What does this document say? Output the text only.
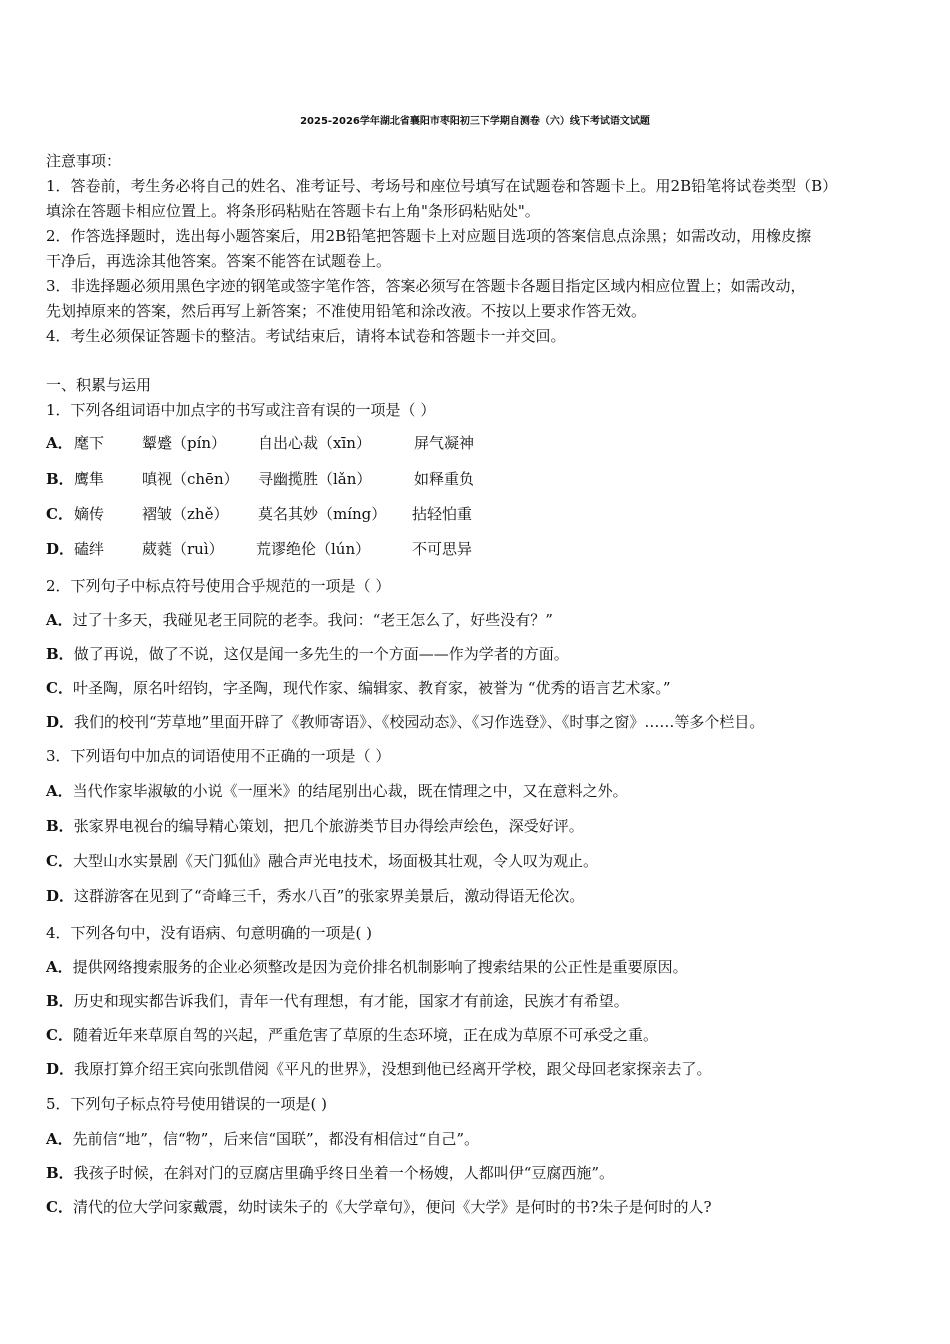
2025-2026学年湖北省襄阳市枣阳初三下学期自测卷（六）线下考试语文试题
注意事项：
1．答卷前，考生务必将自己的姓名、准考证号、考场号和座位号填写在试题卷和答题卡上。用2B铅笔将试卷类型（B）
填涂在答题卡相应位置上。将条形码粘贴在答题卡右上角"条形码粘贴处"。
2．作答选择题时，选出每小题答案后，用2B铅笔把答题卡上对应题目选项的答案信息点涂黑；如需改动，用橡皮擦
干净后，再选涂其他答案。答案不能答在试题卷上。
3．非选择题必须用黑色字迹的钢笔或签字笔作答，答案必须写在答题卡各题目指定区域内相应位置上；如需改动，
先划掉原来的答案，然后再写上新答案；不准使用铅笔和涂改液。不按以上要求作答无效。
4．考生必须保证答题卡的整洁。考试结束后，请将本试卷和答题卡一并交回。
一、积累与运用
1．下列各组词语中加点字的书写或注音有误的一项是（ ）
A． 麾下	颦蹙（pín） 自出心裁（xīn）	屏气凝神
B． 鹰隼	嗔视（chēn） 寻幽揽胜（lǎn）	如释重负
C． 嫡传	褶皱（zhě） 莫名其妙（míng） 拈轻怕重
D． 磕绊	葳蕤（ruì） 荒谬绝伦（lún）	不可思异
2．下列句子中标点符号使用合乎规范的一项是（ ）
A．过了十多天，我碰见老王同院的老李。我问：“老王怎么了，好些没有？”
B．做了再说，做了不说，这仅是闻一多先生的一个方面——作为学者的方面。
C．叶圣陶，原名叶绍钧，字圣陶，现代作家、编辑家、教育家，被誉为 “优秀的语言艺术家。”
D．我们的校刊“芳草地”里面开辟了《教师寄语》、《校园动态》、《习作选登》、《时事之窗》……等多个栏目。
3．下列语句中加点的词语使用不正确的一项是（ ）
A．当代作家毕淑敏的小说《一厘米》的结尾别出心裁，既在情理之中，又在意料之外。
B．张家界电视台的编导精心策划，把几个旅游类节目办得绘声绘色，深受好评。
C．大型山水实景剧《天门狐仙》融合声光电技术，场面极其壮观，令人叹为观止。
D．这群游客在见到了“奇峰三千，秀水八百”的张家界美景后，激动得语无伦次。
4．下列各句中，没有语病、句意明确的一项是( )
A．提供网络搜索服务的企业必须整改是因为竞价排名机制影响了搜索结果的公正性是重要原因。
B．历史和现实都告诉我们，青年一代有理想，有才能，国家才有前途，民族才有希望。
C．随着近年来草原自驾的兴起，严重危害了草原的生态环境，正在成为草原不可承受之重。
D．我原打算介绍王宾向张凯借阅《平凡的世界》，没想到他已经离开学校，跟父母回老家探亲去了。
5．下列句子标点符号使用错误的一项是( )
A．先前信“地”，信“物”，后来信“国联”，都没有相信过“自己”。
B．我孩子时候，在斜对门的豆腐店里确乎终日坐着一个杨嫂，人都叫伊“豆腐西施”。
C．清代的位大学问家戴震，幼时读朱子的《大学章句》，便问《大学》是何时的书?朱子是何时的人?
